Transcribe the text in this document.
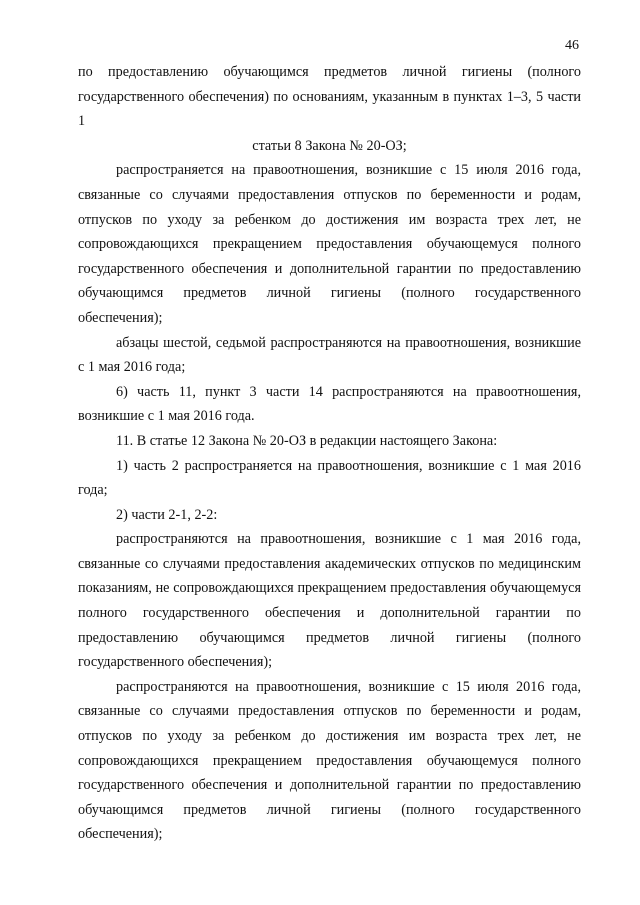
46

по предоставлению обучающимся предметов личной гигиены (полного государственного обеспечения) по основаниям, указанным в пунктах 1–3, 5 части 1

статьи 8 Закона № 20-ОЗ;

распространяется на правоотношения, возникшие с 15 июля 2016 года, связанные со случаями предоставления отпусков по беременности и родам, отпусков по уходу за ребенком до достижения им возраста трех лет, не сопровождающихся прекращением предоставления обучающемуся полного государственного обеспечения и дополнительной гарантии по предоставлению обучающимся предметов личной гигиены (полного государственного обеспечения);

абзацы шестой, седьмой распространяются на правоотношения, возникшие с 1 мая 2016 года;

6) часть 11, пункт 3 части 14 распространяются на правоотношения, возникшие с 1 мая 2016 года.

11. В статье 12 Закона № 20-ОЗ в редакции настоящего Закона:

1) часть 2 распространяется на правоотношения, возникшие с 1 мая 2016 года;

2) части 2-1, 2-2:

распространяются на правоотношения, возникшие с 1 мая 2016 года, связанные со случаями предоставления академических отпусков по медицинским показаниям, не сопровождающихся прекращением предоставления обучающемуся полного государственного обеспечения и дополнительной гарантии по предоставлению обучающимся предметов личной гигиены (полного государственного обеспечения);

распространяются на правоотношения, возникшие с 15 июля 2016 года, связанные со случаями предоставления отпусков по беременности и родам, отпусков по уходу за ребенком до достижения им возраста трех лет, не сопровождающихся прекращением предоставления обучающемуся полного государственного обеспечения и дополнительной гарантии по предоставлению обучающимся предметов личной гигиены (полного государственного обеспечения);
